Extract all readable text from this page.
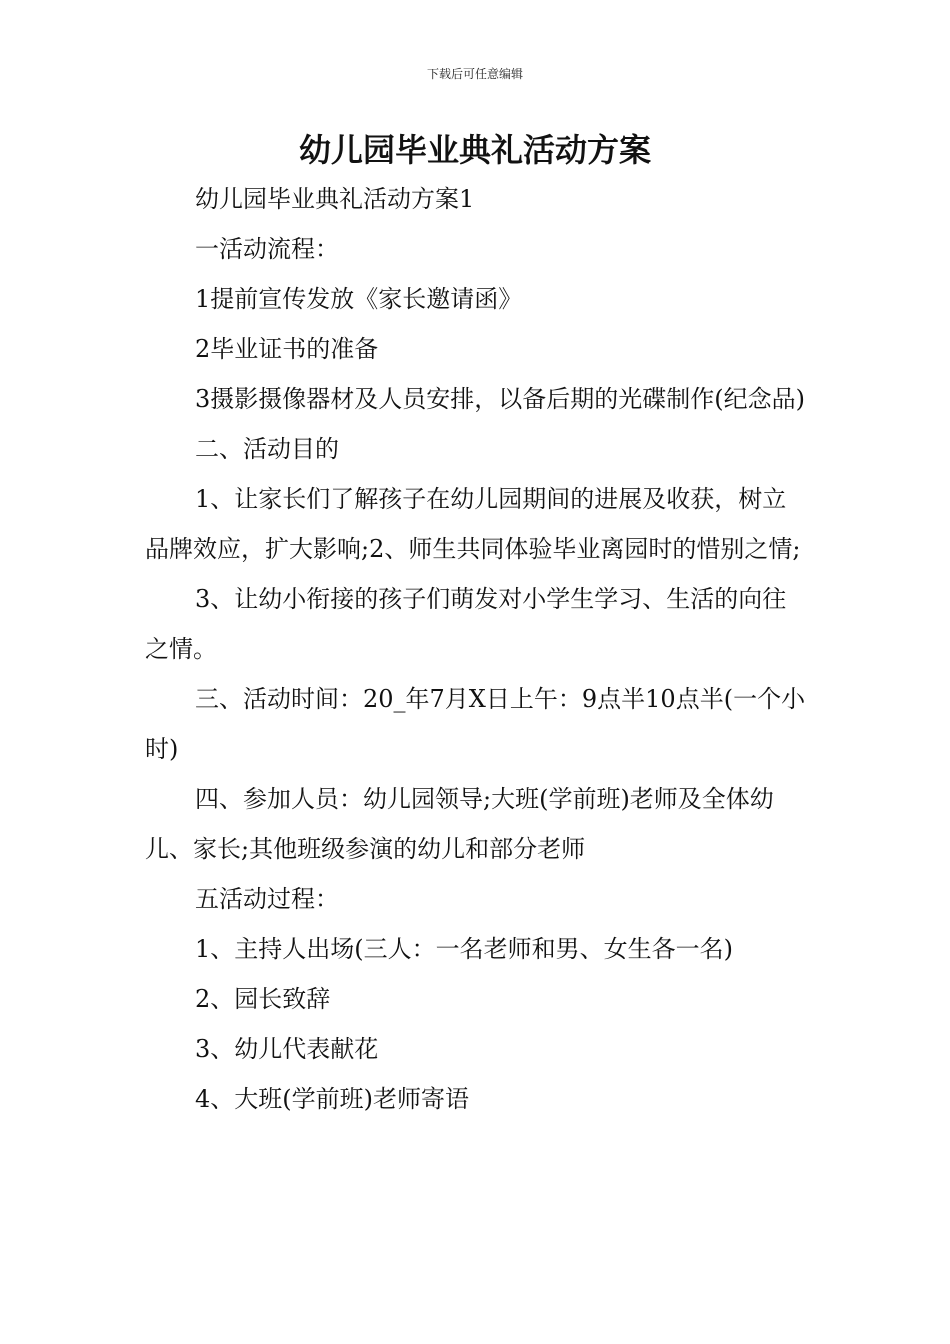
下载后可任意编辑
幼儿园毕业典礼活动方案

幼儿园毕业典礼活动方案1

一活动流程：

1提前宣传发放《家长邀请函》

2毕业证书的准备

3摄影摄像器材及人员安排，以备后期的光碟制作(纪念品)

二、活动目的

1、让家长们了解孩子在幼儿园期间的进展及收获，树立品牌效应，扩大影响;2、师生共同体验毕业离园时的惜别之情;

3、让幼小衔接的孩子们萌发对小学生学习、生活的向往之情。

三、活动时间：20_年7月X日上午：9点半10点半(一个小时)

四、参加人员：幼儿园领导;大班(学前班)老师及全体幼儿、家长;其他班级参演的幼儿和部分老师

五活动过程：

1、主持人出场(三人：一名老师和男、女生各一名)

2、园长致辞

3、幼儿代表献花

4、大班(学前班)老师寄语
